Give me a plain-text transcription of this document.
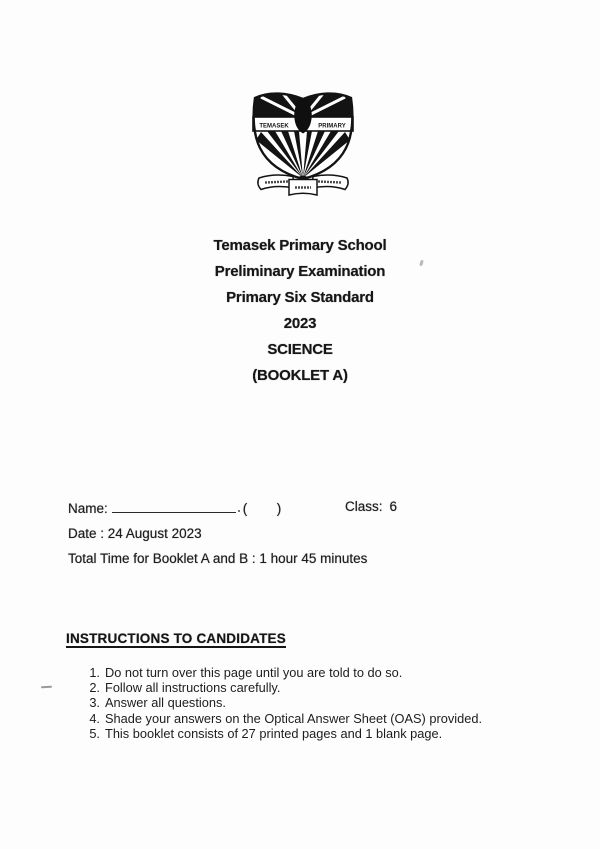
TEMASEK	PRIMARY
Temasek Primary School
Preliminary Examination
Primary Six Standard
2023
SCIENCE
(BOOKLET A)
Name:	(      )	Class: 6
Date : 24 August 2023
Total Time for Booklet A and B : 1 hour 45 minutes
INSTRUCTIONS TO CANDIDATES
1. Do not turn over this page until you are told to do so.
2. Follow all instructions carefully.
3. Answer all questions.
4. Shade your answers on the Optical Answer Sheet (OAS) provided.
5. This booklet consists of 27 printed pages and 1 blank page.
